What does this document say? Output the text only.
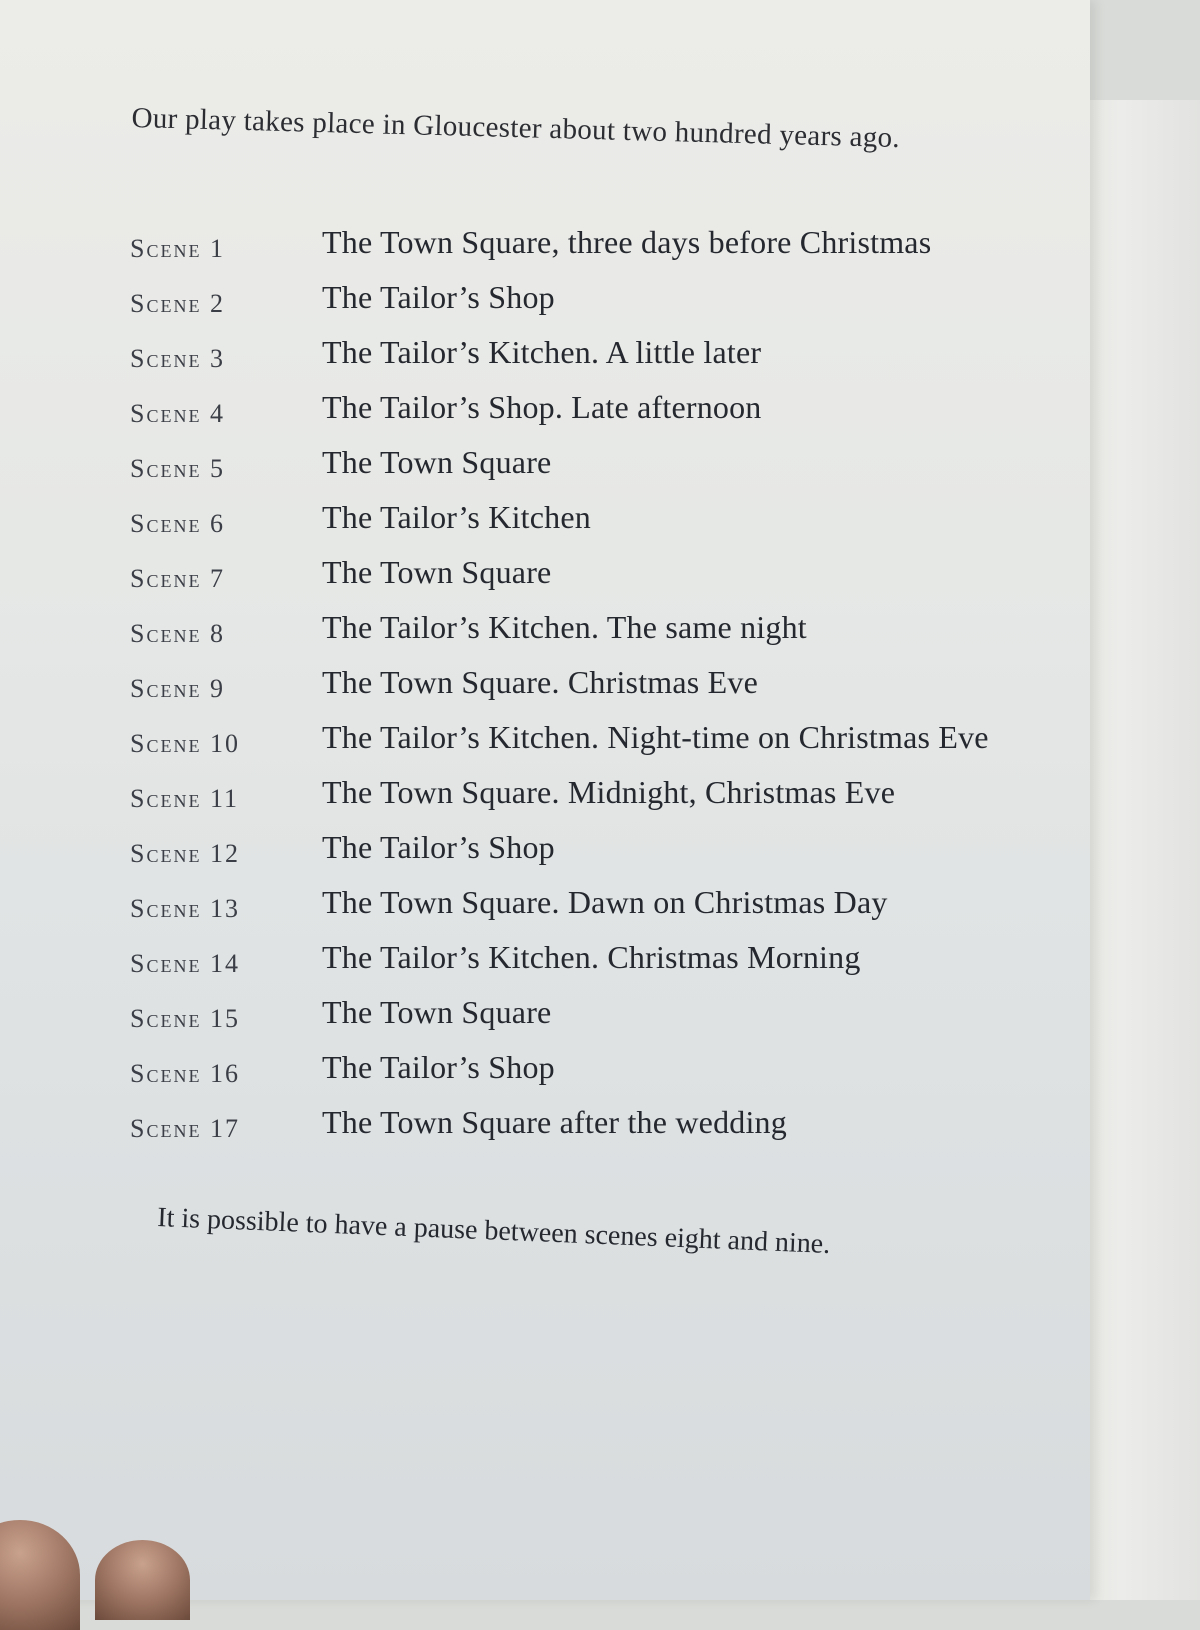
Our play takes place in Gloucester about two hundred years ago.
Scene 1	The Town Square, three days before Christmas
Scene 2	The Tailor’s Shop
Scene 3	The Tailor’s Kitchen. A little later
Scene 4	The Tailor’s Shop. Late afternoon
Scene 5	The Town Square
Scene 6	The Tailor’s Kitchen
Scene 7	The Town Square
Scene 8	The Tailor’s Kitchen. The same night
Scene 9	The Town Square. Christmas Eve
Scene 10	The Tailor’s Kitchen. Night-time on Christmas Eve
Scene 11	The Town Square. Midnight, Christmas Eve
Scene 12	The Tailor’s Shop
Scene 13	The Town Square. Dawn on Christmas Day
Scene 14	The Tailor’s Kitchen. Christmas Morning
Scene 15	The Town Square
Scene 16	The Tailor’s Shop
Scene 17	The Town Square after the wedding
It is possible to have a pause between scenes eight and nine.
